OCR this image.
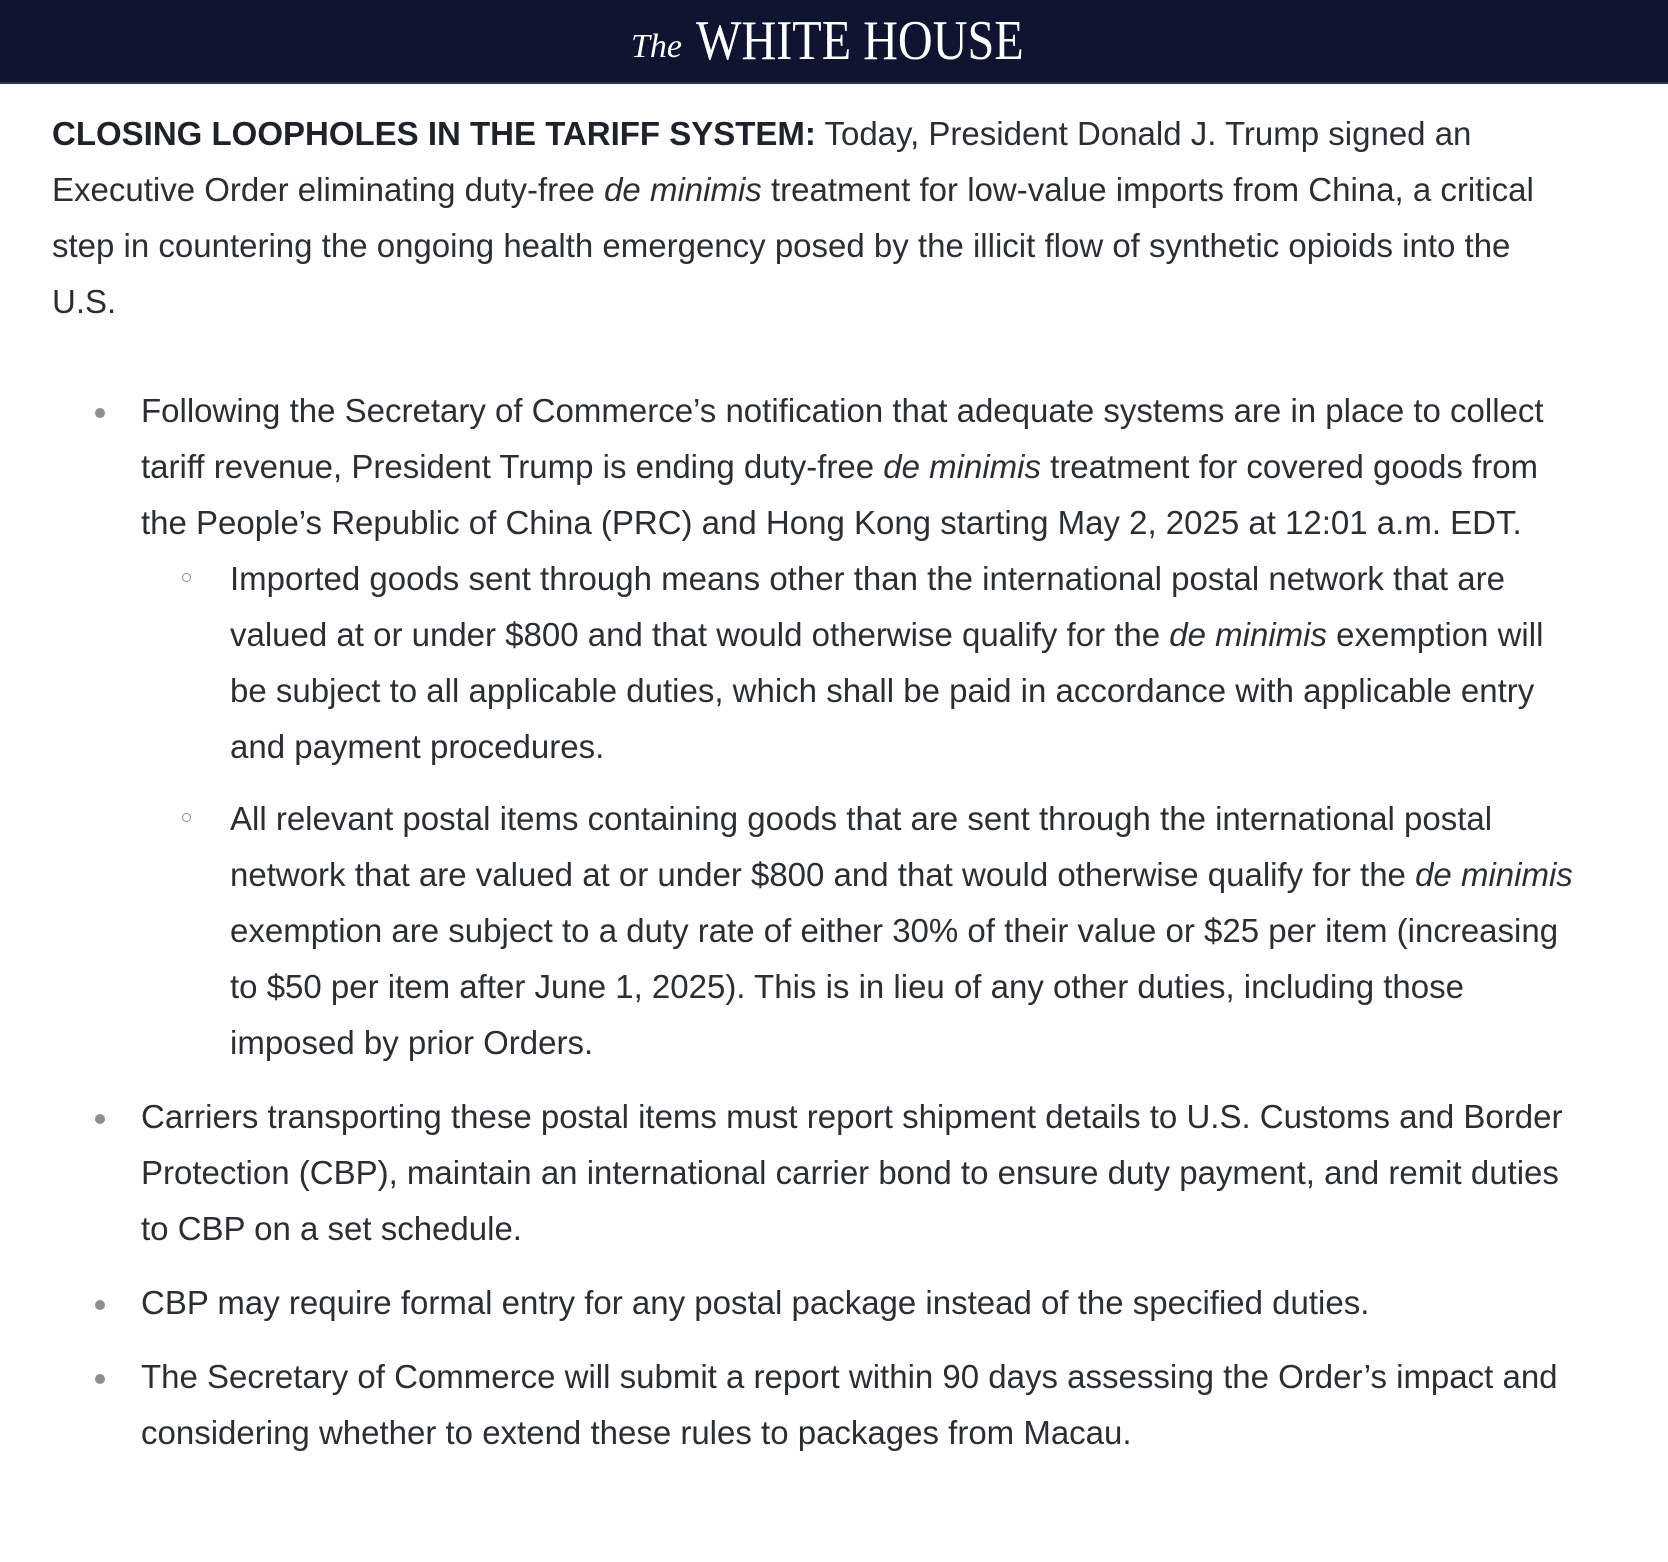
The WHITE HOUSE

CLOSING LOOPHOLES IN THE TARIFF SYSTEM: Today, President Donald J. Trump signed an Executive Order eliminating duty-free de minimis treatment for low-value imports from China, a critical step in countering the ongoing health emergency posed by the illicit flow of synthetic opioids into the U.S.

Following the Secretary of Commerce’s notification that adequate systems are in place to collect tariff revenue, President Trump is ending duty-free de minimis treatment for covered goods from the People’s Republic of China (PRC) and Hong Kong starting May 2, 2025 at 12:01 a.m. EDT.
Imported goods sent through means other than the international postal network that are valued at or under $800 and that would otherwise qualify for the de minimis exemption will be subject to all applicable duties, which shall be paid in accordance with applicable entry and payment procedures.
All relevant postal items containing goods that are sent through the international postal network that are valued at or under $800 and that would otherwise qualify for the de minimis exemption are subject to a duty rate of either 30% of their value or $25 per item (increasing to $50 per item after June 1, 2025). This is in lieu of any other duties, including those imposed by prior Orders.
Carriers transporting these postal items must report shipment details to U.S. Customs and Border Protection (CBP), maintain an international carrier bond to ensure duty payment, and remit duties to CBP on a set schedule.
CBP may require formal entry for any postal package instead of the specified duties.
The Secretary of Commerce will submit a report within 90 days assessing the Order’s impact and considering whether to extend these rules to packages from Macau.
